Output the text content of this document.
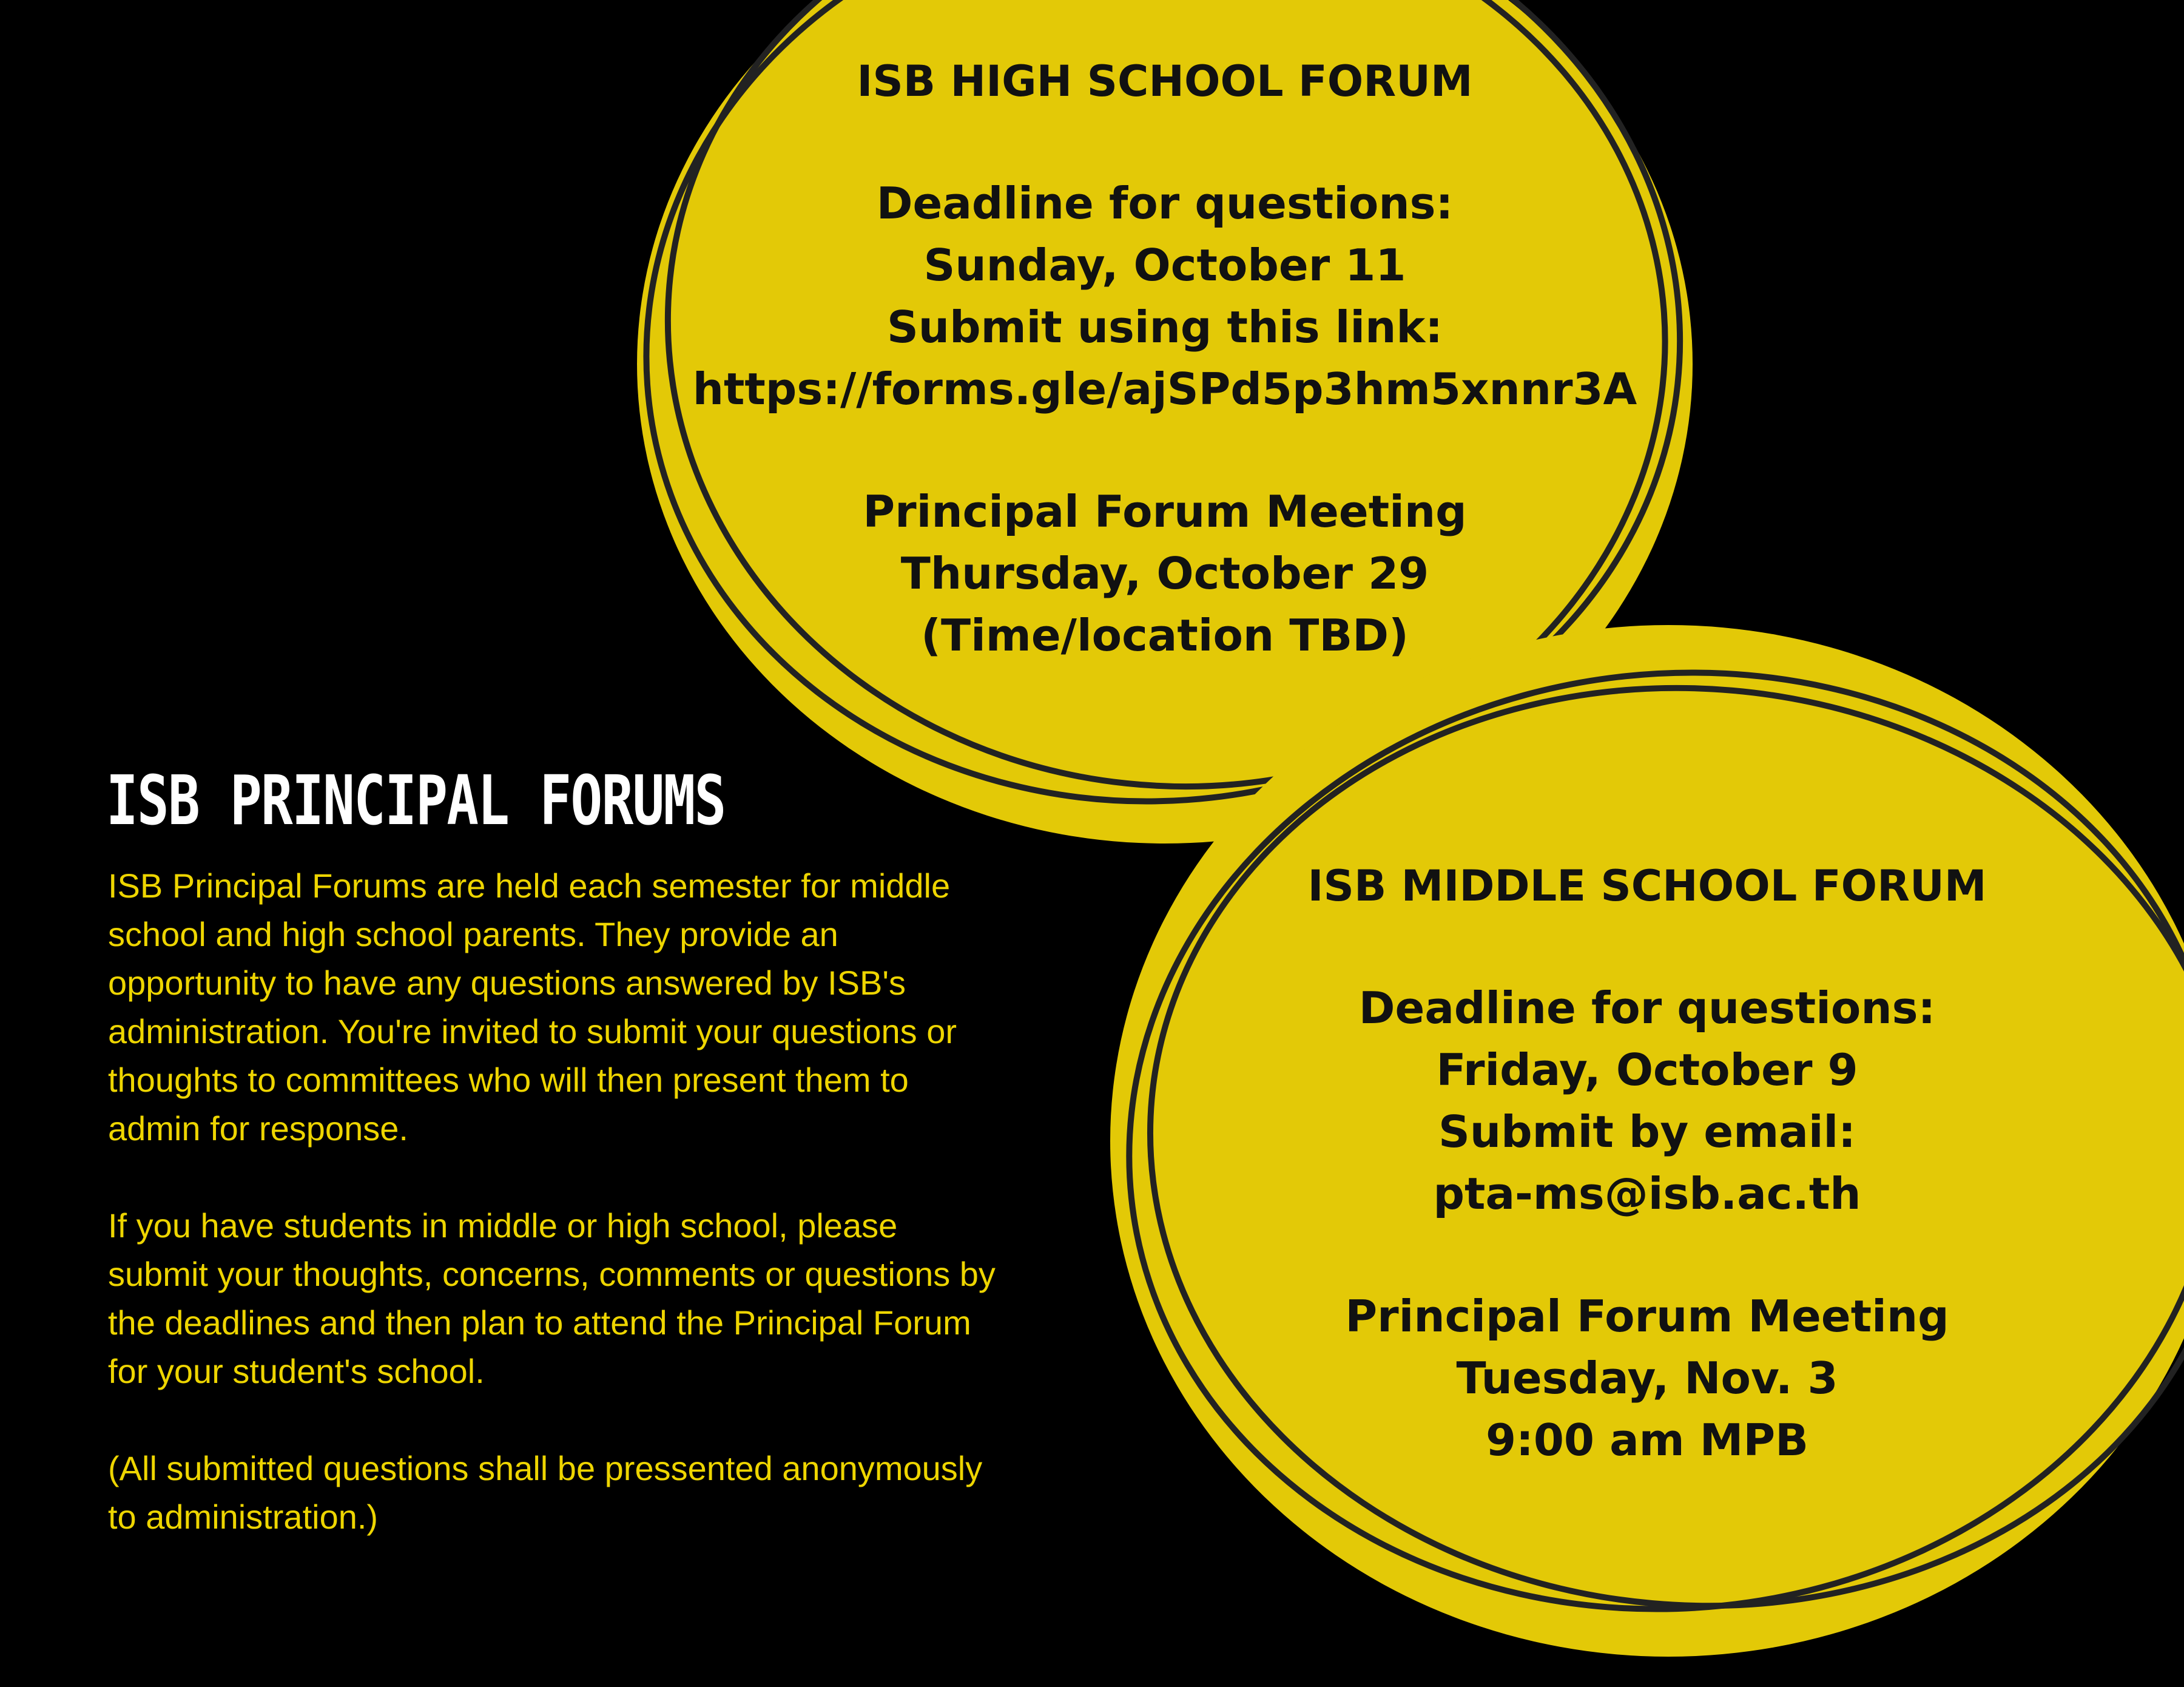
ISB HIGH SCHOOL FORUM
Deadline for questions:
Sunday, October 11
Submit using this link:
https://forms.gle/ajSPd5p3hm5xnnr3A
Principal Forum Meeting
Thursday, October 29
(Time/location TBD)
ISB MIDDLE SCHOOL FORUM
Deadline for questions:
Friday, October 9
Submit by email:
pta-ms@isb.ac.th
Principal Forum Meeting
Tuesday, Nov. 3
9:00 am MPB
ISB PRINCIPAL FORUMS

ISB Principal Forums are held each semester for middle school and high school parents. They provide an opportunity to have any questions answered by ISB's administration. You're invited to submit your questions or thoughts to committees who will then present them to admin for response.

If you have students in middle or high school, please submit your thoughts, concerns, comments or questions by the deadlines and then plan to attend the Principal Forum for your student's school.

(All submitted questions shall be pressented anonymously to administration.)
